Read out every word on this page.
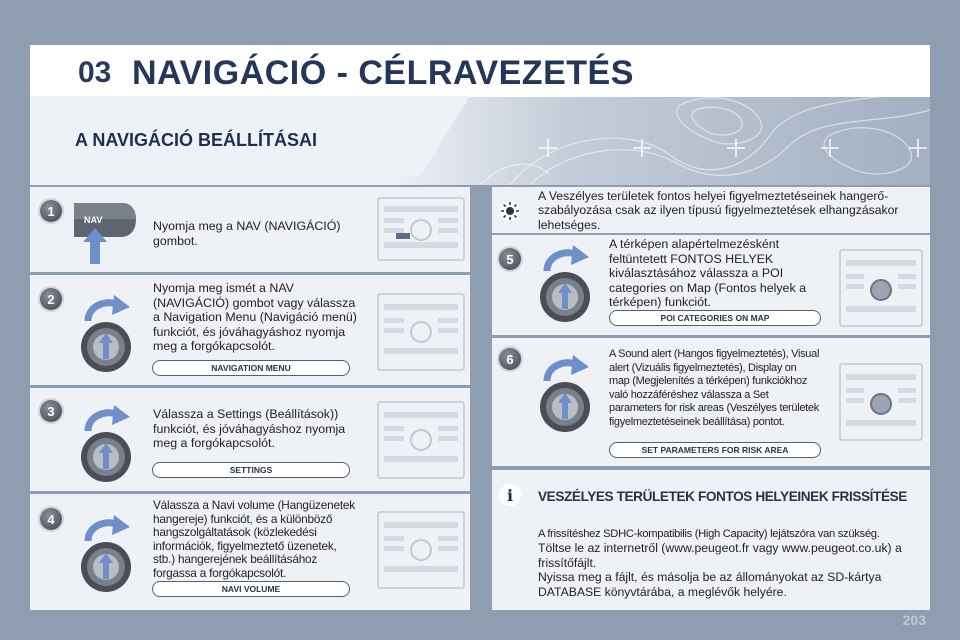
03 NAVIGÁCIÓ - CÉLRAVEZETÉS
A NAVIGÁCIÓ BEÁLLÍTÁSAI
1
2
3
4
5
6
NAV	Nyomja meg a NAV (NAVIGÁCIÓ)
gombot.
Nyomja meg ismét a NAV
(NAVIGÁCIÓ) gombot vagy válassza
a Navigation Menu (Navigáció menü)
funkciót, és jóváhagyáshoz nyomja
meg a forgókapcsolót.
Válassza a Settings (Beállítások))
funkciót, és jóváhagyáshoz nyomja
meg a forgókapcsolót.
Válassza a Navi volume (Hangüzenetek
hangereje) funkciót, és a különböző
hangszolgáltatások (közlekedési
információk, figyelmeztető üzenetek,
stb.) hangerejének beállításához
forgassa a forgókapcsolót.
A Veszélyes területek fontos helyei figyelmeztetéseinek hangerő-
szabályozása csak az ilyen típusú figyelmeztetések elhangzásakor
lehetséges.
A térképen alapértelmezésként
feltüntetett FONTOS HELYEK
kiválasztásához válassza a POI
categories on Map (Fontos helyek a
térképen) funkciót.
A Sound alert (Hangos figyelmeztetés), Visual
alert (Vizuális figyelmeztetés), Display on
map (Megjelenítés a térképen) funkciókhoz
való hozzáféréshez válassza a Set
parameters for risk areas (Veszélyes területek
figyelmeztetéseinek beállítása) pontot.
NAVIGATION MENU
SETTINGS
NAVI VOLUME
POI CATEGORIES ON MAP
SET PARAMETERS FOR RISK AREA
i VESZÉLYES TERÜLETEK FONTOS HELYEINEK FRISSÍTÉSE
A frissítéshez SDHC-kompatibilis (High Capacity) lejátszóra van szükség.
Töltse le az internetről (www.peugeot.fr vagy www.peugeot.co.uk) a
frissítőfájlt.
Nyissa meg a fájlt, és másolja be az állományokat az SD-kártya
DATABASE könyvtárába, a meglévők helyére.
203
